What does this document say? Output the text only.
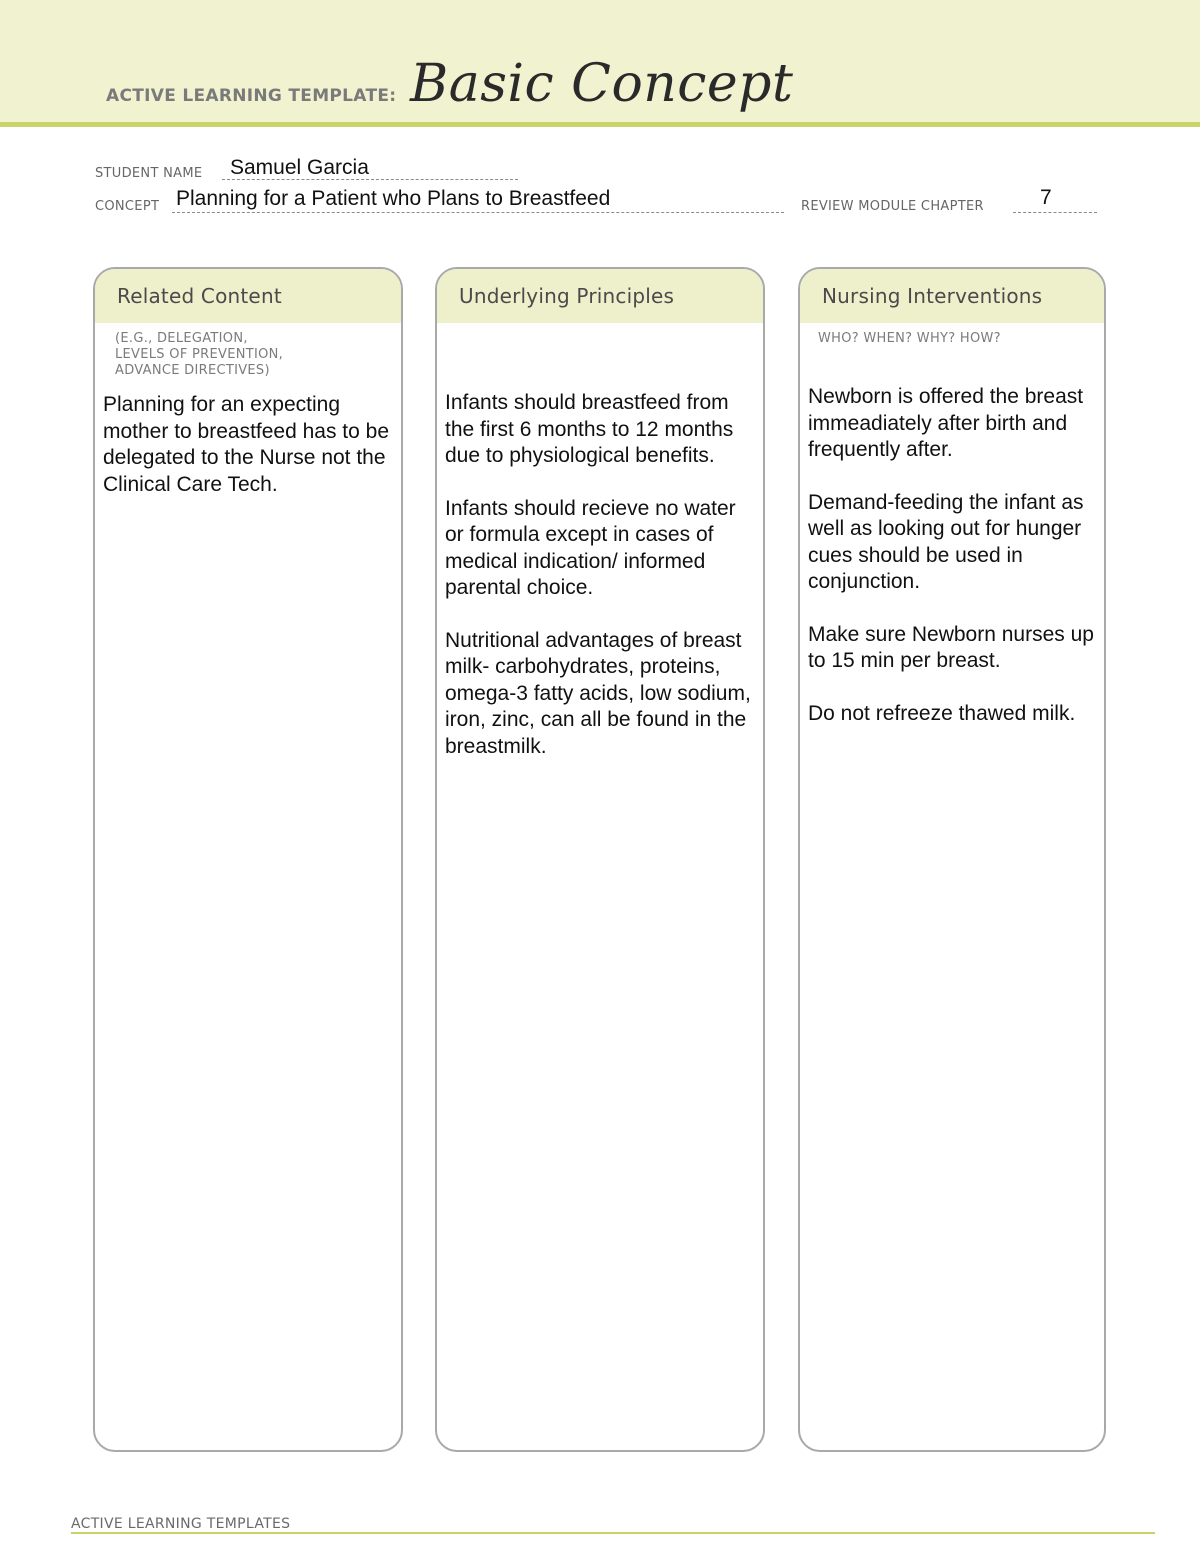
ACTIVE LEARNING TEMPLATE: Basic Concept
STUDENT NAME Samuel Garcia
CONCEPT Planning for a Patient who Plans to Breastfeed	REVIEW MODULE CHAPTER	7
Related Content
(E.G., DELEGATION,
LEVELS OF PREVENTION,
ADVANCE DIRECTIVES)

Planning for an expecting mother to breastfeed has to be delegated to the Nurse not the Clinical Care Tech.

Underlying Principles

Infants should breastfeed from the first 6 months to 12 months due to physiological benefits.

Infants should recieve no water or formula except in cases of medical indication/ informed parental choice.

Nutritional advantages of breast milk- carbohydrates, proteins, omega-3 fatty acids, low sodium, iron, zinc, can all be found in the breastmilk.

Nursing Interventions
WHO? WHEN? WHY? HOW?

Newborn is offered the breast immeadiately after birth and frequently after.

Demand-feeding the infant as well as looking out for hunger cues should be used in conjunction.

Make sure Newborn nurses up to 15 min per breast.

Do not refreeze thawed milk.

ACTIVE LEARNING TEMPLATES
